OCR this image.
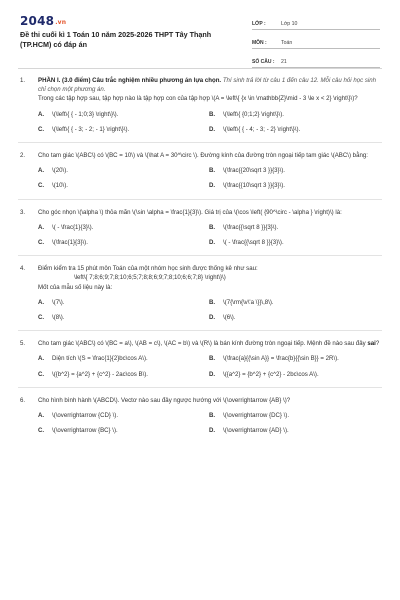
2048.vn
Đề thi cuối kì 1 Toán 10 năm 2025-2026 THPT Tây Thạnh (TP.HCM) có đáp án
LỚP :	Lớp 10
MÔN :	Toán
SỐ CÂU :	21
1. PHẦN I. (3.0 điểm) Câu trắc nghiệm nhiều phương án lựa chọn. Thí sinh trả lời từ câu 1 đến câu 12. Mỗi câu hỏi học sinh chỉ chọn một phương án.
Trong các tập hợp sau, tập hợp nào là tập hợp con của tập hợp \(A = \left\{ {x \in \mathbb{Z}\mid - 3 \le x < 2} \right\}\)?
A.	\(\left\{ { - 1;0;3} \right\}\).	B.	\(\left\{ {0;1;2} \right\}\).
C.	\(\left\{ { - 3; - 2; - 1} \right\}\).	D.	\(\left\{ { - 4; - 3; - 2} \right\}\).
2. Cho tam giác \(ABC\) có \(BC = 10\) và \(\hat A = 30^\circ \). Đường kính của đường tròn ngoại tiếp tam giác \(ABC\) bằng:
A.	\(20\).	B.	\(\frac{{20\sqrt 3 }}{3}\).
C.	\(10\).	D.	\(\frac{{10\sqrt 3 }}{3}\).
3. Cho góc nhọn \(\alpha \) thỏa mãn \(\sin \alpha = \frac{1}{3}\). Giá trị của \(\cos \left( {90^\circ - \alpha } \right)\) là:
A.	\( - \frac{1}{3}\).	B.	\(\frac{{\sqrt 8 }}{3}\).
C.	\(\frac{1}{3}\).	D.	\( - \frac{{\sqrt 8 }}{3}\).
4. Điểm kiểm tra 15 phút môn Toán của một nhóm học sinh được thống kê như sau:
\left\{ 7;8;6;9;7;8;10;6;5;7;8;8;6;9;7;8;10;6;6;7;8} \right\}\)
Mốt của mẫu số liệu này là:
A.	\(7\).	B.	\(7{\rm{\v\'a \}}\,8\).
C.	\(8\).	D.	\(6\).
5. Cho tam giác \(ABC\) có \(BC = a\), \(AB = c\), \(AC = b\) và \(R\) là bán kính đường tròn ngoại tiếp. Mệnh đề nào sau đây sai?
A.	Diện tích \(S = \frac{1}{2}bc\cos A\).	B.	\(\frac{a}{{\sin A}} = \frac{b}{{\sin B}} = 2R\).
C.	\({b^2} = {a^2} + {c^2} - 2ac\cos B\).	D.	\({a^2} = {b^2} + {c^2} - 2bc\cos A\).
6. Cho hình bình hành \(ABCD\). Vectơ nào sau đây ngược hướng với \(\overrightarrow {AB} \)?
A.	\(\overrightarrow {CD} \).	B.	\(\overrightarrow {DC} \).
C.	\(\overrightarrow {BC} \).	D.	\(\overrightarrow {AD} \).
